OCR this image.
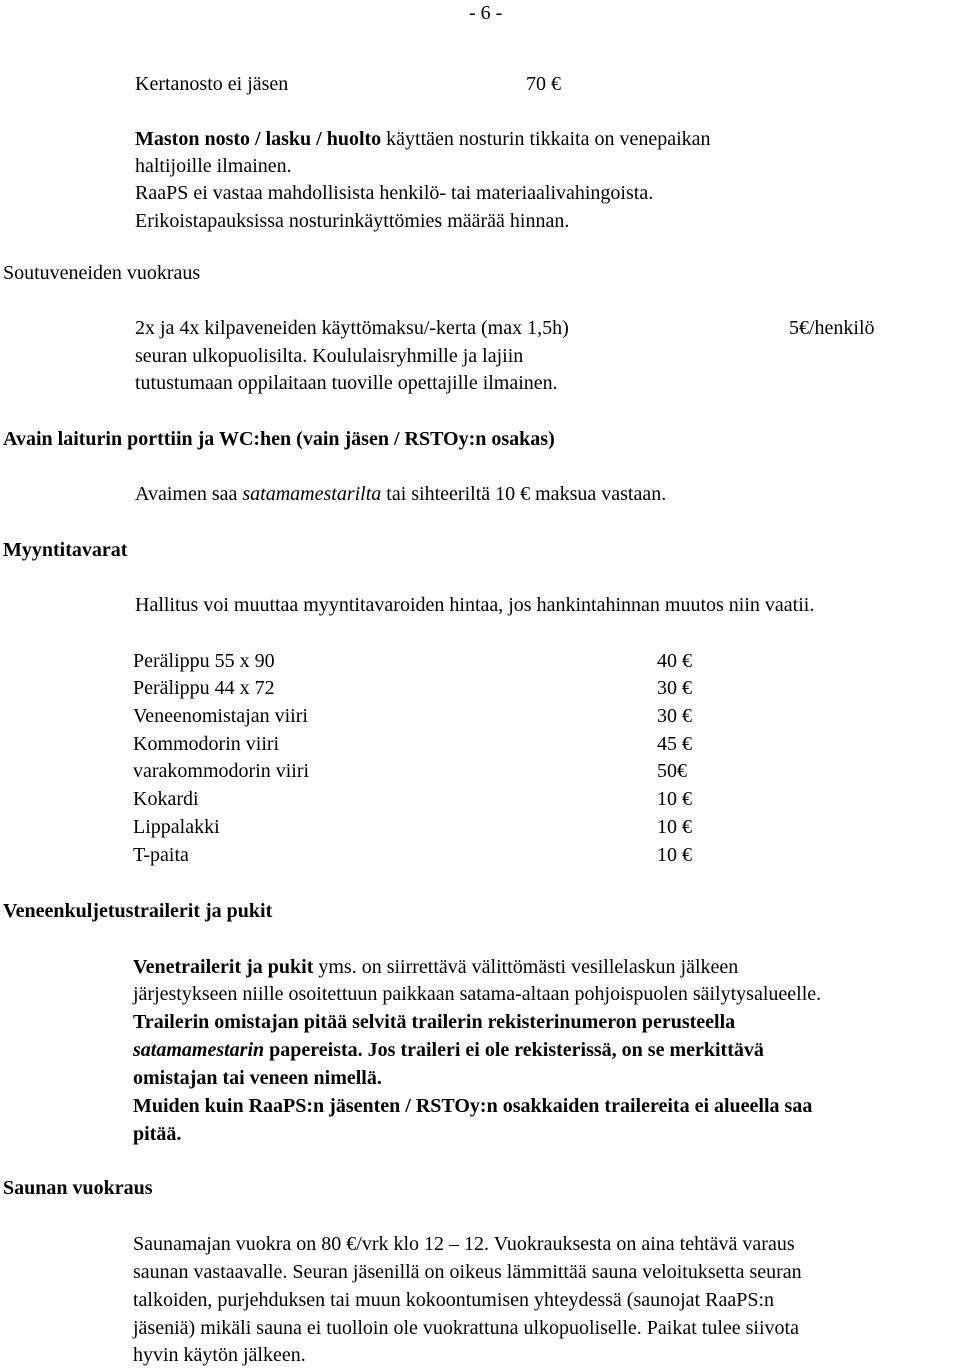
- 6 -
Kertanosto ei jäsen	70 €
Maston nosto / lasku / huolto käyttäen nosturin tikkaita on venepaikan
haltijoille ilmainen.
RaaPS ei vastaa mahdollisista henkilö- tai materiaalivahingoista.
Erikoistapauksissa nosturinkäyttömies määrää hinnan.
Soutuveneiden vuokraus
2x ja 4x kilpaveneiden käyttömaksu/-kerta (max 1,5h)	5€/henkilö
seuran ulkopuolisilta. Koululaisryhmille ja lajiin
tutustumaan oppilaitaan tuoville opettajille ilmainen.
Avain laiturin porttiin ja WC:hen (vain jäsen / RSTOy:n osakas)
Avaimen saa satamamestarilta tai sihteeriltä 10 € maksua vastaan.
Myyntitavarat
Hallitus voi muuttaa myyntitavaroiden hintaa, jos hankintahinnan muutos niin vaatii.
Perälippu 55 x 90	40 €
Perälippu 44 x 72	30 €
Veneenomistajan viiri	30 €
Kommodorin viiri	45 €
varakommodorin viiri	50€
Kokardi	10 €
Lippalakki	10 €
T-paita	10 €
Veneenkuljetustrailerit ja pukit
Venetrailerit ja pukit yms. on siirrettävä välittömästi vesillelaskun jälkeen
järjestykseen niille osoitettuun paikkaan satama-altaan pohjoispuolen säilytysalueelle.
Trailerin omistajan pitää selvitä trailerin rekisterinumeron perusteella
satamamestarin papereista. Jos traileri ei ole rekisterissä, on se merkittävä
omistajan tai veneen nimellä.
Muiden kuin RaaPS:n jäsenten / RSTOy:n osakkaiden trailereita ei alueella saa
pitää.
Saunan vuokraus
Saunamajan vuokra on 80 €/vrk klo 12 – 12. Vuokrauksesta on aina tehtävä varaus
saunan vastaavalle. Seuran jäsenillä on oikeus lämmittää sauna veloituksetta seuran
talkoiden, purjehduksen tai muun kokoontumisen yhteydessä (saunojat RaaPS:n
jäseniä) mikäli sauna ei tuolloin ole vuokrattuna ulkopuoliselle. Paikat tulee siivota
hyvin käytön jälkeen.
